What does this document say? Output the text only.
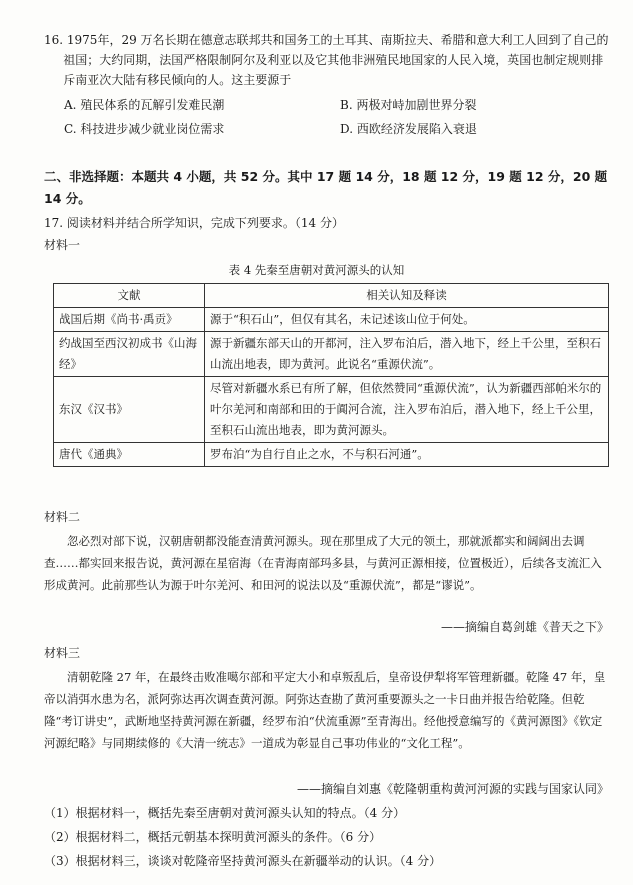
16. 1975年，29 万名长期在德意志联邦共和国务工的土耳其、南斯拉夫、希腊和意大利工人回到了自己的祖国；大约同期，法国严格限制阿尔及利亚以及它其他非洲殖民地国家的人民入境，英国也制定规则排斥南亚次大陆有移民倾向的人。这主要源于
A. 殖民体系的瓦解引发难民潮	B. 两极对峙加剧世界分裂
C. 科技进步减少就业岗位需求	D. 西欧经济发展陷入衰退
二、非选择题：本题共 4 小题，共 52 分。其中 17 题 14 分，18 题 12 分，19 题 12 分，20 题 14 分。
17. 阅读材料并结合所学知识，完成下列要求。（14 分）
材料一
表 4 先秦至唐朝对黄河源头的认知
文献	相关认知及释读
战国后期《尚书·禹贡》	源于“积石山”，但仅有其名，未记述该山位于何处。
约战国至西汉初成书《山海经》	源于新疆东部天山的开都河，注入罗布泊后，潜入地下，经上千公里，至积石山流出地表，即为黄河。此说名“重源伏流”。
东汉《汉书》	尽管对新疆水系已有所了解，但依然赞同“重源伏流”，认为新疆西部帕米尔的叶尔羌河和南部和田的于阗河合流，注入罗布泊后，潜入地下，经上千公里，至积石山流出地表，即为黄河源头。
唐代《通典》	罗布泊“为自行自止之水，不与积石河通”。
材料二
忽必烈对部下说，汉朝唐朝都没能查清黄河源头。现在那里成了大元的领土，那就派都实和阔阔出去调查……都实回来报告说，黄河源在星宿海（在青海南部玛多县，与黄河正源相接，位置极近），后续各支流汇入形成黄河。此前那些认为源于叶尔羌河、和田河的说法以及“重源伏流”，都是“谬说”。
——摘编自葛剑雄《普天之下》
材料三
清朝乾隆 27 年，在最终击败准噶尔部和平定大小和卓叛乱后，皇帝设伊犁将军管理新疆。乾隆 47 年，皇帝以消弭水患为名，派阿弥达再次调查黄河源。阿弥达查勘了黄河重要源头之一卡日曲并报告给乾隆。但乾隆“考订讲史”，武断地坚持黄河源在新疆，经罗布泊“伏流重源”至青海出。经他授意编写的《黄河源图》《钦定河源纪略》与同期续修的《大清一统志》一道成为彰显自己事功伟业的“文化工程”。
——摘编自刘惠《乾隆朝重构黄河河源的实践与国家认同》
（1）根据材料一，概括先秦至唐朝对黄河源头认知的特点。（4 分）
（2）根据材料二，概括元朝基本探明黄河源头的条件。（6 分）
（3）根据材料三，谈谈对乾隆帝坚持黄河源头在新疆举动的认识。（4 分）
